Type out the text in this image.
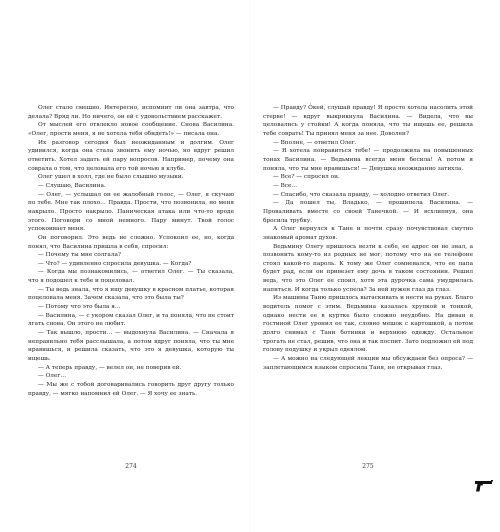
Олег стало смешно. Интересно, испомнит ли она завтра, что делала? Вряд ли. Но ничего, он ей с удовольствием расскажет.

От мыслей его отвлекло новое сообщение. Снова Василина. «Олег, прости меня, я не хотела тебя обидеть!» — писала она.

Их разговор сегодня был неожиданным и долгим. Олег удивился, когда она стала звонить ему ночью, но вдруг решил ответить. Хотел задать ей пару вопросов. Например, почему она соврала о том, что целовала его той ночью в клубе.

Олег ушел в холл, где не было слышно музыки.

— Слушаю, Василина.

— Олег, — услышал он ее жалобный голос, — Олег, я скучаю по тебе. Мне так плохо… Правда. Прости, что позвонила, но меня накрыло. Просто накрыло. Паническая атака или что-то вроде этого. Поговори со мной немного. Пару минут. Твой голос успокоивает меня.

Он поговорил. Это ведь не сложно. Успокоил ее, но, когда понял, что Василина пришла в себя, спросил:

— Почему ты мне солгала?

— Что? — удивленно спросила девушка. — Когда?

— Когда мы познакомились, — ответил Олег. — Ты сказала, что я подошел к тебе и поцеловал.

— Ты ведь знала, что я ищу девушку в красном платье, которая поцеловала меня. Зачем сказала, что это была ты?

— Потому что это была я…

— Василина, — с укором сказал Олег, и та поняла, что не стоит лгать снова. Он этого не любит.

— Так вышло, прости… — выдохнула Василина. — Сначала я неправильно тебя расслышала, а потом вдруг поняла, что ты мне нравишься, и решила сказать, что это я девушка, которую ты ищешь.

— А теперь правду, — велел он, не поверив ей.

— Олег…

— Мы же с тобой договаривались говорить друг другу только правду, — мягко напомнил ей Олег. — Я хочу ее знать.

274

— Правду? О̓кей, слушай правду! Я просто хотела насолить этой стерве! — вдруг выкрикнула Василина. — Видела, что вы целовались у стойки! А когда поняла, что ты ищешь ее, решила тебе соврать! Ты принял меня за нее. Доволен?

— Вполне, — ответил Олег.

— Я хотела понравиться тебе! — продолжила на повышенных тонах Василина. — Ведьмина всегда меня бесила! А потом я поняла, что ты мне нравишься! — Девушка неожиданно затихла.

— Все? — спросил он.

— Все…

— Спасибо, что сказала правду, — холодно ответил Олег.

— Да пошел ты, Владько, — прошипела Василина. — Проваливать вместе со своей Танечкой. — И всхлипнув, она бросила трубку.

А Олег вернулся к Тане и почти сразу почувствовал смутно знакомый аромат духов.

Ведьмину Олегу пришлось везти к себе, ее адрес он не знал, а позвонить кому-то из родных не мог, потому что на ее телефоне стоял какой-то пароль. К тому же Олег сомневался, что ее папа будет рад, если он привезет ему дочь в таком состоянии. Решил ведь, что это Олег ее споил, хотя эта дурочка сама умудрилась напиться. И когда только успела? За ней нужен глаз да глаз.

Из машины Таню пришлось вытаскивать и нести на руках. Благо водитель помог с этим. Ведьмина казалась хрупкой и тонкой, однако нести ее в куртке было сложно неудобно. На диван в гостиной Олег уронил ее так, словно мешок с картошкой, а потом долго снимал с Тани ботинки и верхнюю одежду. Остальное трогать не стал, решив, что она и так поспит. Зато подложил ей под голову подушку и укрыл одеялом.

— А можно на следующей лекции мы обсуждаем без опроса? — заплетающимся языком спросила Таня, не открывая глаз.

275
